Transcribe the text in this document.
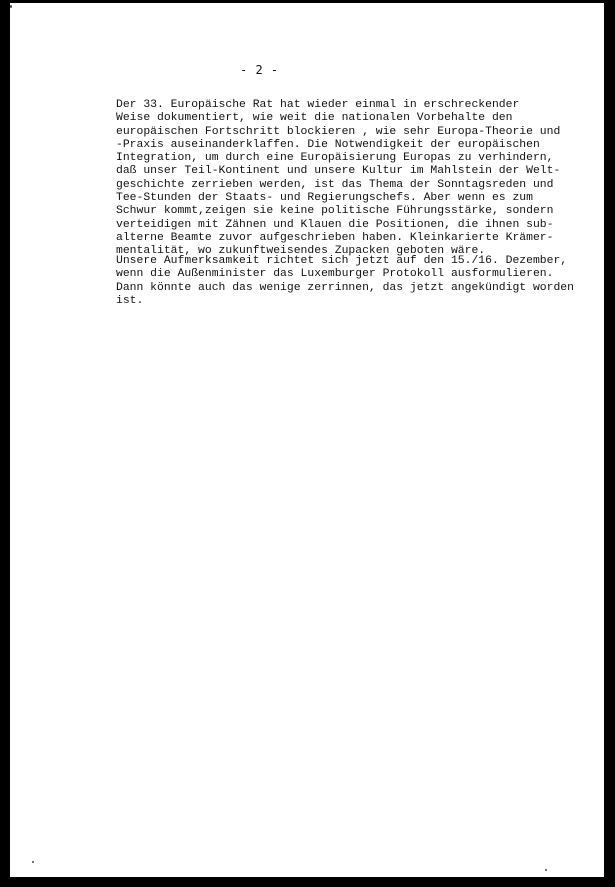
- 2 -
Der 33. Europäische Rat hat wieder einmal in erschreckender
Weise dokumentiert, wie weit die nationalen Vorbehalte den
europäischen Fortschritt blockieren , wie sehr Europa-Theorie und
-Praxis auseinanderklaffen. Die Notwendigkeit der europäischen
Integration, um durch eine Europäisierung Europas zu verhindern,
daß unser Teil-Kontinent und unsere Kultur im Mahlstein der Welt-
geschichte zerrieben werden, ist das Thema der Sonntagsreden und
Tee-Stunden der Staats- und Regierungschefs. Aber wenn es zum
Schwur kommt,zeigen sie keine politische Führungsstärke, sondern
verteidigen mit Zähnen und Klauen die Positionen, die ihnen sub-
alterne Beamte zuvor aufgeschrieben haben. Kleinkarierte Krämer-
mentalität, wo zukunftweisendes Zupacken geboten wäre.
Unsere Aufmerksamkeit richtet sich jetzt auf den 15./16. Dezember,
wenn die Außenminister das Luxemburger Protokoll ausformulieren.
Dann könnte auch das wenige zerrinnen, das jetzt angekündigt worden
ist.
